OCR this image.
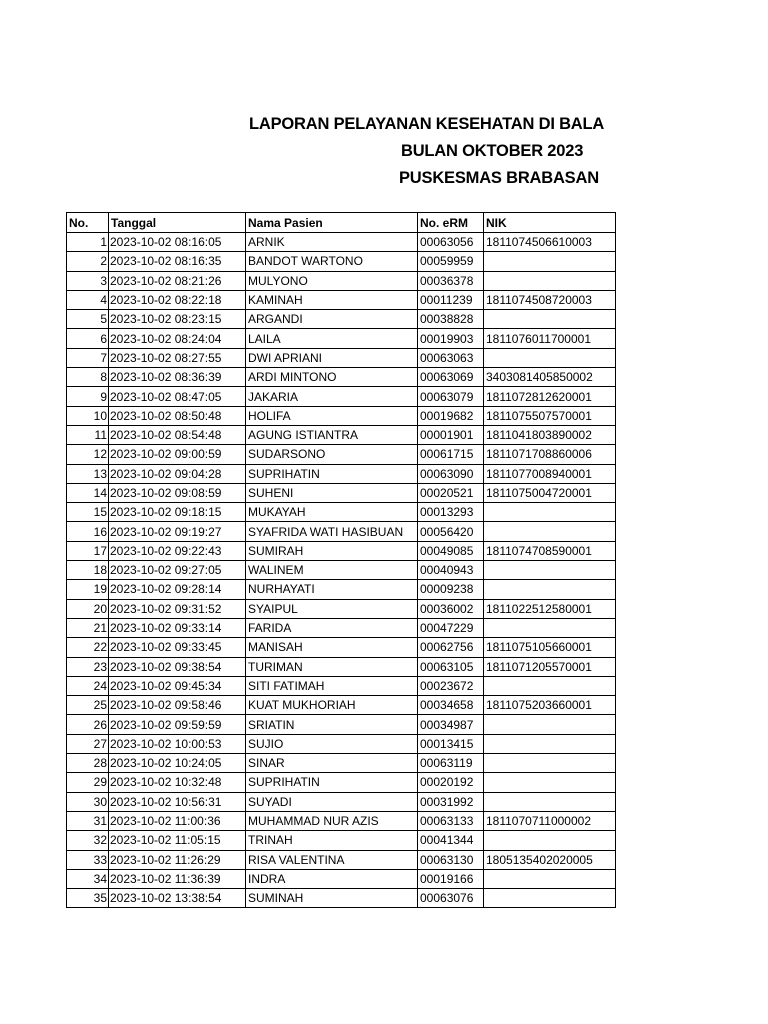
LAPORAN PELAYANAN KESEHATAN DI BALA
BULAN OKTOBER 2023
PUSKESMAS BRABASAN
No.	Tanggal	Nama Pasien	No. eRM	NIK
1	2023-10-02 08:16:05	ARNIK	00063056	1811074506610003
2	2023-10-02 08:16:35	BANDOT WARTONO	00059959	
3	2023-10-02 08:21:26	MULYONO	00036378	
4	2023-10-02 08:22:18	KAMINAH	00011239	1811074508720003
5	2023-10-02 08:23:15	ARGANDI	00038828	
6	2023-10-02 08:24:04	LAILA	00019903	1811076011700001
7	2023-10-02 08:27:55	DWI APRIANI	00063063	
8	2023-10-02 08:36:39	ARDI MINTONO	00063069	3403081405850002
9	2023-10-02 08:47:05	JAKARIA	00063079	1811072812620001
10	2023-10-02 08:50:48	HOLIFA	00019682	1811075507570001
11	2023-10-02 08:54:48	AGUNG ISTIANTRA	00001901	1811041803890002
12	2023-10-02 09:00:59	SUDARSONO	00061715	1811071708860006
13	2023-10-02 09:04:28	SUPRIHATIN	00063090	1811077008940001
14	2023-10-02 09:08:59	SUHENI	00020521	1811075004720001
15	2023-10-02 09:18:15	MUKAYAH	00013293	
16	2023-10-02 09:19:27	SYAFRIDA WATI HASIBUAN	00056420	
17	2023-10-02 09:22:43	SUMIRAH	00049085	1811074708590001
18	2023-10-02 09:27:05	WALINEM	00040943	
19	2023-10-02 09:28:14	NURHAYATI	00009238	
20	2023-10-02 09:31:52	SYAIPUL	00036002	1811022512580001
21	2023-10-02 09:33:14	FARIDA	00047229	
22	2023-10-02 09:33:45	MANISAH	00062756	1811075105660001
23	2023-10-02 09:38:54	TURIMAN	00063105	1811071205570001
24	2023-10-02 09:45:34	SITI FATIMAH	00023672	
25	2023-10-02 09:58:46	KUAT MUKHORIAH	00034658	1811075203660001
26	2023-10-02 09:59:59	SRIATIN	00034987	
27	2023-10-02 10:00:53	SUJIO	00013415	
28	2023-10-02 10:24:05	SINAR	00063119	
29	2023-10-02 10:32:48	SUPRIHATIN	00020192	
30	2023-10-02 10:56:31	SUYADI	00031992	
31	2023-10-02 11:00:36	MUHAMMAD NUR AZIS	00063133	1811070711000002
32	2023-10-02 11:05:15	TRINAH	00041344	
33	2023-10-02 11:26:29	RISA VALENTINA	00063130	1805135402020005
34	2023-10-02 11:36:39	INDRA	00019166	
35	2023-10-02 13:38:54	SUMINAH	00063076	
